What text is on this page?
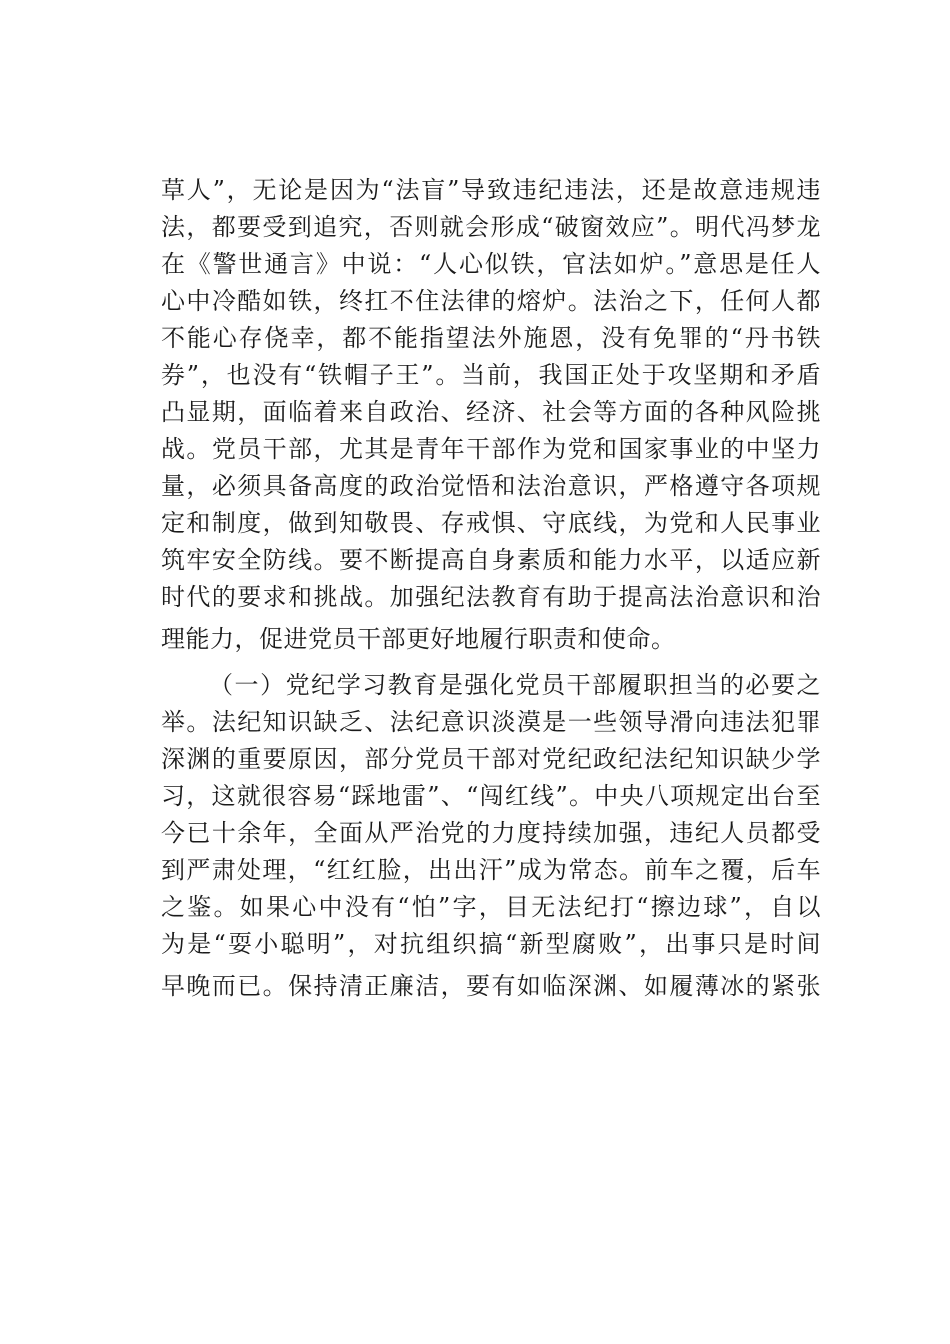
草人”，无论是因为“法盲”导致违纪违法，还是故意违规违
法，都要受到追究，否则就会形成“破窗效应”。明代冯梦龙
在《警世通言》中说：“人心似铁，官法如炉。”意思是任人
心中冷酷如铁，终扛不住法律的熔炉。法治之下，任何人都
不能心存侥幸，都不能指望法外施恩，没有免罪的“丹书铁
券”，也没有“铁帽子王”。当前，我国正处于攻坚期和矛盾
凸显期，面临着来自政治、经济、社会等方面的各种风险挑
战。党员干部，尤其是青年干部作为党和国家事业的中坚力
量，必须具备高度的政治觉悟和法治意识，严格遵守各项规
定和制度，做到知敬畏、存戒惧、守底线，为党和人民事业
筑牢安全防线。要不断提高自身素质和能力水平，以适应新
时代的要求和挑战。加强纪法教育有助于提高法治意识和治
理能力，促进党员干部更好地履行职责和使命。
（一）党纪学习教育是强化党员干部履职担当的必要之
举。法纪知识缺乏、法纪意识淡漠是一些领导滑向违法犯罪
深渊的重要原因，部分党员干部对党纪政纪法纪知识缺少学
习，这就很容易“踩地雷”、“闯红线”。中央八项规定出台至
今已十余年，全面从严治党的力度持续加强，违纪人员都受
到严肃处理，“红红脸，出出汗”成为常态。前车之覆，后车
之鉴。如果心中没有“怕”字，目无法纪打“擦边球”，自以
为是“耍小聪明”，对抗组织搞“新型腐败”，出事只是时间
早晚而已。保持清正廉洁，要有如临深渊、如履薄冰的紧张
